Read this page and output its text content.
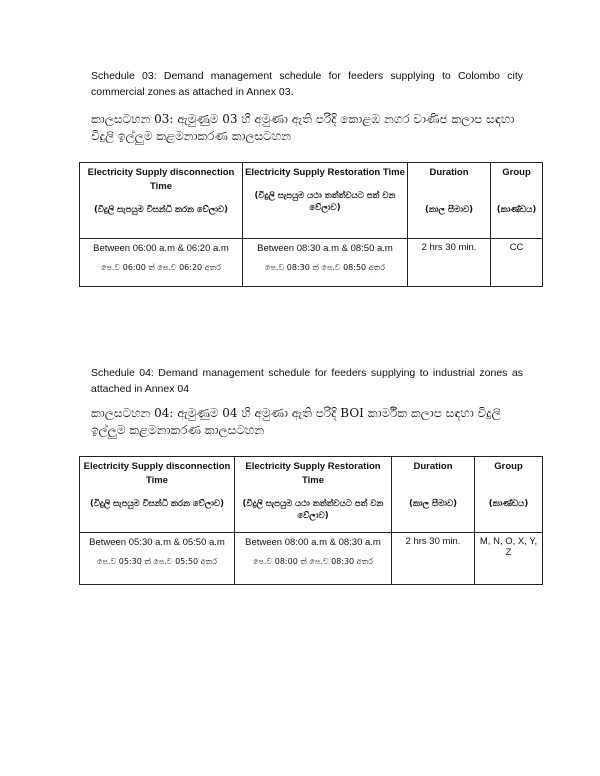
Schedule 03: Demand management schedule for feeders supplying to Colombo city commercial zones as attached in Annex 03.
කාලසටහන 03: ඇමුණුම 03 හි අමුණා ඇති පරිදි කොළඹ නගර වාණිජ කලාප සඳහා විදුලි ඉල්ලුම කළමනාකරණ කාලසටහන
Electricity Supply disconnection Time
(විදුලි සැපයුම විසන්ධි කරන වේලාව)	Electricity Supply Restoration Time
(විදුලි සැපයුම යථා තත්ත්වයට පත් වන වේලාව)	Duration
(කාල සීමාව)	Group
(කාණ්ඩය)

Between 06:00 a.m & 06:20 a.m
පෙ.ව 06:00 ත් පෙ.ව 06:20 අතර	Between 08:30 a.m & 08:50 a.m
පෙ.ව 08:30 ත් පෙ.ව 08:50 අතර	2 hrs 30 min.	CC
Schedule 04: Demand management schedule for feeders supplying to industrial zones as attached in Annex 04
කාලසටහන 04: ඇමුණුම 04 හි අමුණා ඇති පරිදි BOI කාර්මික කලාප සඳහා විදුලි ඉල්ලුම කළමනාකරණ කාලසටහන
Electricity Supply disconnection Time
(විදුලි සැපයුම විසන්ධි කරන වේලාව)	Electricity Supply Restoration Time
(විදුලි සැපයුම යථා තත්ත්වයට පත් වන වේලාව)	Duration
(කාල සීමාව)	Group
(කාණ්ඩය)

Between 05:30 a.m & 05:50 a.m
පෙ.ව 05:30 ත් පෙ.ව 05:50 අතර	Between 08:00 a.m & 08:30 a.m
පෙ.ව 08:00 ත් පෙ.ව 08:30 අතර	2 hrs 30 min.	M, N, O, X, Y, Z
